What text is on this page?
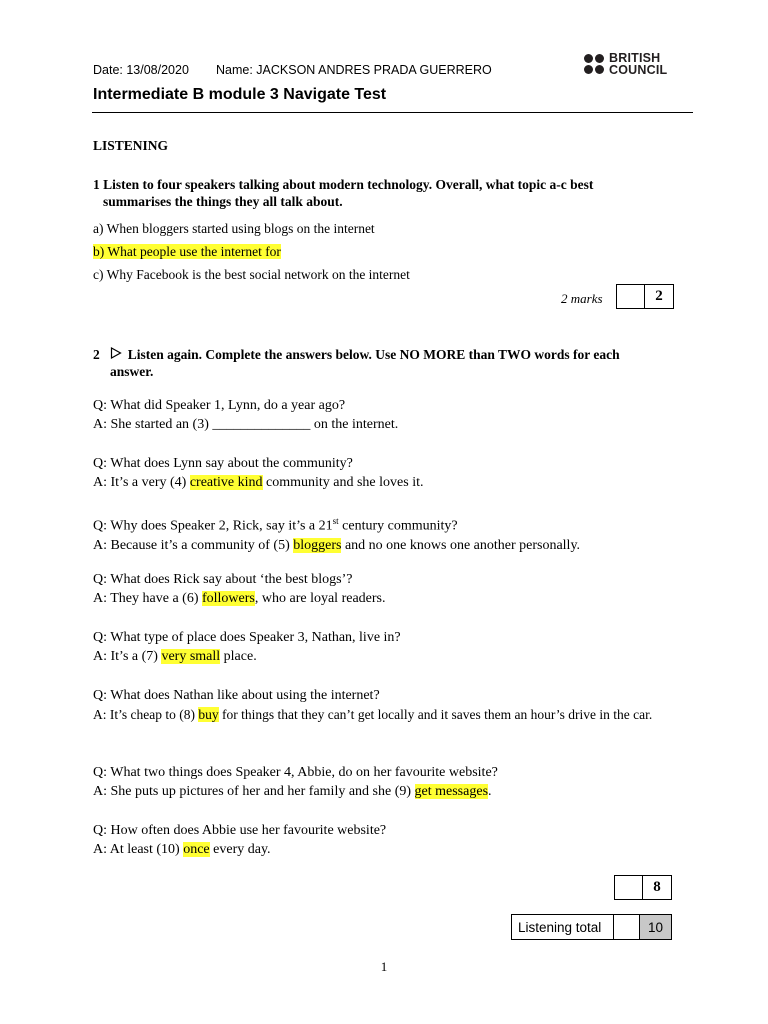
Date: 13/08/2020 Name: JACKSON ANDRES PRADA GUERRERO
BRITISH
COUNCIL
Intermediate B module 3 Navigate Test
LISTENING
1 Listen to four speakers talking about modern technology. Overall, what topic a-c best
summarises the things they all talk about.
a) When bloggers started using blogs on the internet
b) What people use the internet for
c) Why Facebook is the best social network on the internet
2 marks	2
2 Listen again. Complete the answers below. Use NO MORE than TWO words for each
answer.
Q: What did Speaker 1, Lynn, do a year ago?
A: She started an (3) ______________ on the internet.
Q: What does Lynn say about the community?
A: It’s a very (4) creative kind community and she loves it.
Q: Why does Speaker 2, Rick, say it’s a 21st century community?
A: Because it’s a community of (5) bloggers and no one knows one another personally.
Q: What does Rick say about ‘the best blogs’?
A: They have a (6) followers, who are loyal readers.
Q: What type of place does Speaker 3, Nathan, live in?
A: It’s a (7) very small place.
Q: What does Nathan like about using the internet?
A: It’s cheap to (8) buy for things that they can’t get locally and it saves them an hour’s drive in the car.
Q: What two things does Speaker 4, Abbie, do on her favourite website?
A: She puts up pictures of her and her family and she (9) get messages.
Q: How often does Abbie use her favourite website?
A: At least (10) once every day.
8
Listening total	10
1
